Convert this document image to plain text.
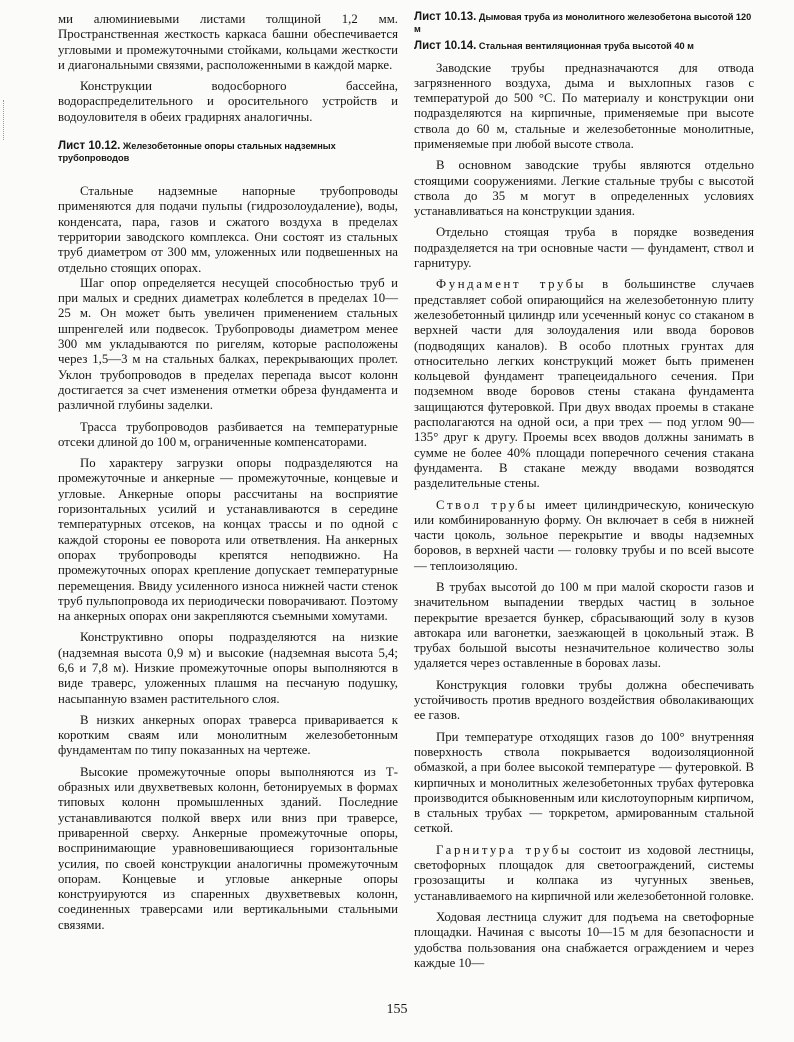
ми алюминиевыми листами толщиной 1,2 мм. Пространственная жесткость каркаса башни обеспечивается угловыми и промежуточными стойками, кольцами жесткости и диагональными связями, расположенными в каждой марке.

Конструкции водосборного бассейна, водораспределительного и оросительного устройств и водоуловителя в обеих градирнях аналогичны.

Лист 10.12. Железобетонные опоры стальных надземных трубопроводов

Стальные надземные напорные трубопроводы применяются для подачи пульпы (гидрозолоудаление), воды, конденсата, пара, газов и сжатого воздуха в пределах территории заводского комплекса. Они состоят из стальных труб диаметром от 300 мм, уложенных или подвешенных на отдельно стоящих опорах.

Шаг опор определяется несущей способностью труб и при малых и средних диаметрах колеблется в пределах 10—25 м. Он может быть увеличен применением стальных шпренгелей или подвесок. Трубопроводы диаметром менее 300 мм укладываются по ригелям, которые расположены через 1,5—3 м на стальных балках, перекрывающих пролет. Уклон трубопроводов в пределах перепада высот колонн достигается за счет изменения отметки обреза фундамента и различной глубины заделки.

Трасса трубопроводов разбивается на температурные отсеки длиной до 100 м, ограниченные компенсаторами.

По характеру загрузки опоры подразделяются на промежуточные и анкерные — промежуточные, концевые и угловые. Анкерные опоры рассчитаны на восприятие горизонтальных усилий и устанавливаются в середине температурных отсеков, на концах трассы и по одной с каждой стороны ее поворота или ответвления. На анкерных опорах трубопроводы крепятся неподвижно. На промежуточных опорах крепление допускает температурные перемещения. Ввиду усиленного износа нижней части стенок труб пульпопровода их периодически поворачивают. Поэтому на анкерных опорах они закрепляются съемными хомутами.

Конструктивно опоры подразделяются на низкие (надземная высота 0,9 м) и высокие (надземная высота 5,4; 6,6 и 7,8 м). Низкие промежуточные опоры выполняются в виде траверс, уложенных плашмя на песчаную подушку, насыпанную взамен растительного слоя.

В низких анкерных опорах траверса приваривается к коротким сваям или монолитным железобетонным фундаментам по типу показанных на чертеже.

Высокие промежуточные опоры выполняются из Т-образных или двухветвевых колонн, бетонируемых в формах типовых колонн промышленных зданий. Последние устанавливаются полкой вверх или вниз при траверсе, приваренной сверху. Анкерные промежуточные опоры, воспринимающие уравновешивающиеся горизонтальные усилия, по своей конструкции аналогичны промежуточным опорам. Концевые и угловые анкерные опоры конструируются из спаренных двухветвевых колонн, соединенных траверсами или вертикальными стальными связями.

Лист 10.13. Дымовая труба из монолитного железобетона высотой 120 м

Лист 10.14. Стальная вентиляционная труба высотой 40 м

Заводские трубы предназначаются для отвода загрязненного воздуха, дыма и выхлопных газов с температурой до 500 °С. По материалу и конструкции они подразделяются на кирпичные, применяемые при высоте ствола до 60 м, стальные и железобетонные монолитные, применяемые при любой высоте ствола.

В основном заводские трубы являются отдельно стоящими сооружениями. Легкие стальные трубы с высотой ствола до 35 м могут в определенных условиях устанавливаться на конструкции здания.

Отдельно стоящая труба в порядке возведения подразделяется на три основные части — фундамент, ствол и гарнитуру.

Фундамент трубы в большинстве случаев представляет собой опирающийся на железобетонную плиту железобетонный цилиндр или усеченный конус со стаканом в верхней части для золоудаления или ввода боровов (подводящих каналов). В особо плотных грунтах для относительно легких конструкций может быть применен кольцевой фундамент трапецеидального сечения. При подземном вводе боровов стены стакана фундамента защищаются футеровкой. При двух вводах проемы в стакане располагаются на одной оси, а при трех — под углом 90—135° друг к другу. Проемы всех вводов должны занимать в сумме не более 40% площади поперечного сечения стакана фундамента. В стакане между вводами возводятся разделительные стены.

Ствол трубы имеет цилиндрическую, коническую или комбинированную форму. Он включает в себя в нижней части цоколь, зольное перекрытие и вводы надземных боровов, в верхней части — головку трубы и по всей высоте — теплоизоляцию.

В трубах высотой до 100 м при малой скорости газов и значительном выпадении твердых частиц в зольное перекрытие врезается бункер, сбрасывающий золу в кузов автокара или вагонетки, заезжающей в цокольный этаж. В трубах большой высоты незначительное количество золы удаляется через оставленные в боровах лазы.

Конструкция головки трубы должна обеспечивать устойчивость против вредного воздействия обволакивающих ее газов.

При температуре отходящих газов до 100° внутренняя поверхность ствола покрывается водоизоляционной обмазкой, а при более высокой температуре — футеровкой. В кирпичных и монолитных железобетонных трубах футеровка производится обыкновенным или кислотоупорным кирпичом, в стальных трубах — торкретом, армированным стальной сеткой.

Гарнитура трубы состоит из ходовой лестницы, светофорных площадок для светоограждений, системы грозозащиты и колпака из чугунных звеньев, устанавливаемого на кирпичной или железобетонной головке.

Ходовая лестница служит для подъема на светофорные площадки. Начиная с высоты 10—15 м для безопасности и удобства пользования она снабжается ограждением и через каждые 10—

155
